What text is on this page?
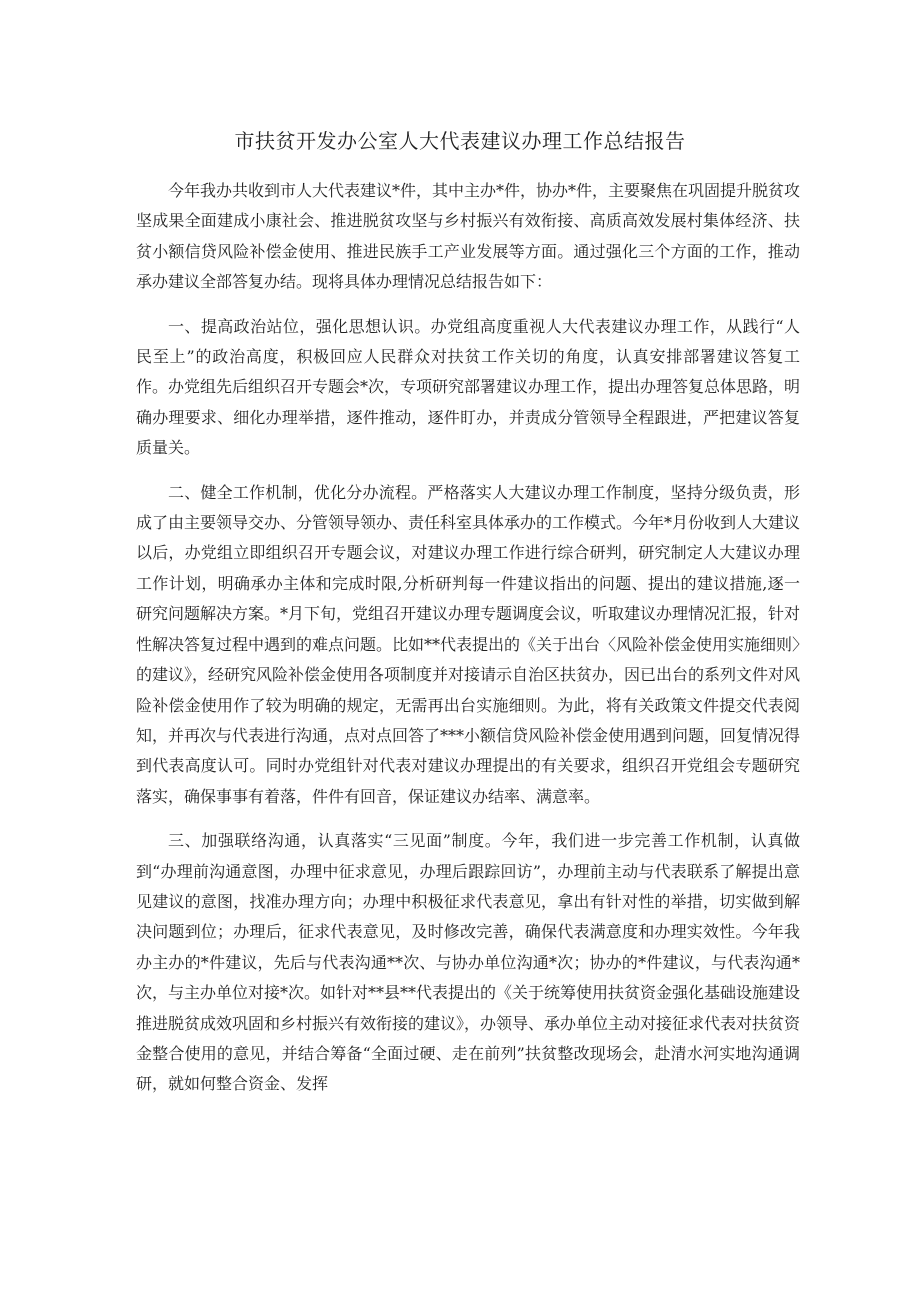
市扶贫开发办公室人大代表建议办理工作总结报告

今年我办共收到市人大代表建议*件，其中主办*件，协办*件，主要聚焦在巩固提升脱贫攻坚成果全面建成小康社会、推进脱贫攻坚与乡村振兴有效衔接、高质高效发展村集体经济、扶贫小额信贷风险补偿金使用、推进民族手工产业发展等方面。通过强化三个方面的工作，推动承办建议全部答复办结。现将具体办理情况总结报告如下：

一、提高政治站位，强化思想认识。办党组高度重视人大代表建议办理工作，从践行“人民至上”的政治高度，积极回应人民群众对扶贫工作关切的角度，认真安排部署建议答复工作。办党组先后组织召开专题会*次，专项研究部署建议办理工作，提出办理答复总体思路，明确办理要求、细化办理举措，逐件推动，逐件盯办，并责成分管领导全程跟进，严把建议答复质量关。

二、健全工作机制，优化分办流程。严格落实人大建议办理工作制度，坚持分级负责，形成了由主要领导交办、分管领导领办、责任科室具体承办的工作模式。今年*月份收到人大建议以后，办党组立即组织召开专题会议，对建议办理工作进行综合研判，研究制定人大建议办理工作计划，明确承办主体和完成时限,分析研判每一件建议指出的问题、提出的建议措施,逐一研究问题解决方案。*月下旬，党组召开建议办理专题调度会议，听取建议办理情况汇报，针对性解决答复过程中遇到的难点问题。比如**代表提出的《关于出台〈风险补偿金使用实施细则〉的建议》，经研究风险补偿金使用各项制度并对接请示自治区扶贫办，因已出台的系列文件对风险补偿金使用作了较为明确的规定，无需再出台实施细则。为此，将有关政策文件提交代表阅知，并再次与代表进行沟通，点对点回答了***小额信贷风险补偿金使用遇到问题，回复情况得到代表高度认可。同时办党组针对代表对建议办理提出的有关要求，组织召开党组会专题研究落实，确保事事有着落，件件有回音，保证建议办结率、满意率。

三、加强联络沟通，认真落实“三见面”制度。今年，我们进一步完善工作机制，认真做到“办理前沟通意图，办理中征求意见，办理后跟踪回访”，办理前主动与代表联系了解提出意见建议的意图，找准办理方向；办理中积极征求代表意见，拿出有针对性的举措，切实做到解决问题到位；办理后，征求代表意见，及时修改完善，确保代表满意度和办理实效性。今年我办主办的*件建议，先后与代表沟通**次、与协办单位沟通*次；协办的*件建议，与代表沟通*次，与主办单位对接*次。如针对**县**代表提出的《关于统筹使用扶贫资金强化基础设施建设推进脱贫成效巩固和乡村振兴有效衔接的建议》，办领导、承办单位主动对接征求代表对扶贫资金整合使用的意见，并结合筹备“全面过硬、走在前列”扶贫整改现场会，赴清水河实地沟通调研，就如何整合资金、发挥
